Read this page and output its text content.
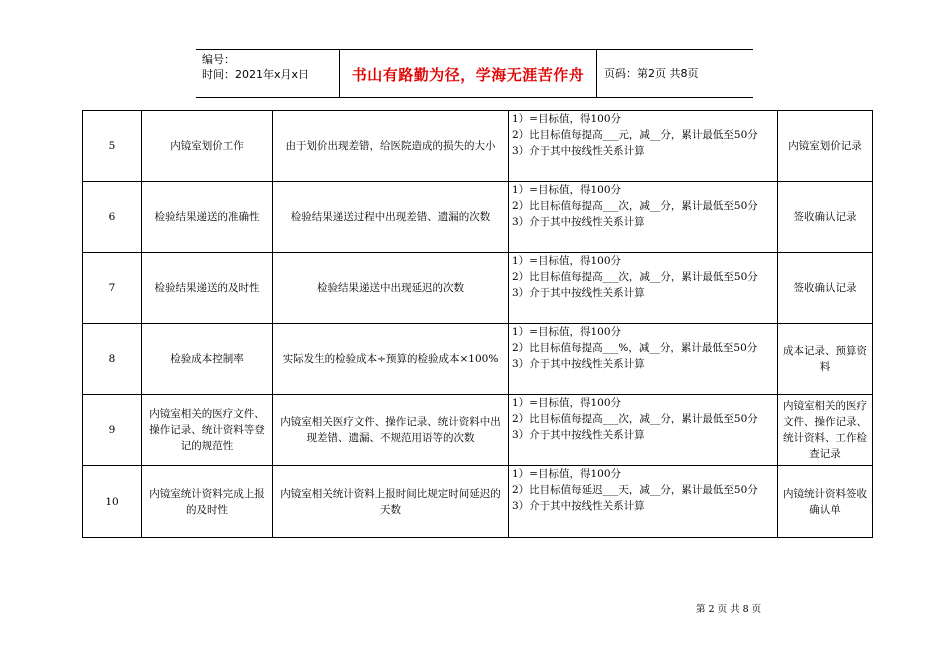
编号：
时间：2021年x月x日	书山有路勤为径，学海无涯苦作舟	页码：第2页 共8页
5	内镜室划价工作	由于划价出现差错，给医院造成的损失的大小	1）=目标值，得100分
2）比目标值每提高___元，减__分，累计最低至50分
3）介于其中按线性关系计算	内镜室划价记录
6	检验结果递送的准确性	检验结果递送过程中出现差错、遗漏的次数	1）=目标值，得100分
2）比目标值每提高___次，减__分，累计最低至50分
3）介于其中按线性关系计算	签收确认记录
7	检验结果递送的及时性	检验结果递送中出现延迟的次数	1）=目标值，得100分
2）比目标值每提高___次，减__分，累计最低至50分
3）介于其中按线性关系计算	签收确认记录
8	检验成本控制率	实际发生的检验成本÷预算的检验成本×100%	1）=目标值，得100分
2）比目标值每提高___%，减__分，累计最低至50分
3）介于其中按线性关系计算	成本记录、预算资料
9	内镜室相关的医疗文件、操作记录、统计资料等登记的规范性	内镜室相关医疗文件、操作记录、统计资料中出现差错、遗漏、不规范用语等的次数	1）=目标值，得100分
2）比目标值每提高___次，减__分，累计最低至50分
3）介于其中按线性关系计算	内镜室相关的医疗文件、操作记录、统计资料、工作检查记录
10	内镜室统计资料完成上报的及时性	内镜室相关统计资料上报时间比规定时间延迟的天数	1）=目标值，得100分
2）比目标值每延迟___天，减__分，累计最低至50分
3）介于其中按线性关系计算	内镜统计资料签收确认单
第 2 页 共 8 页
